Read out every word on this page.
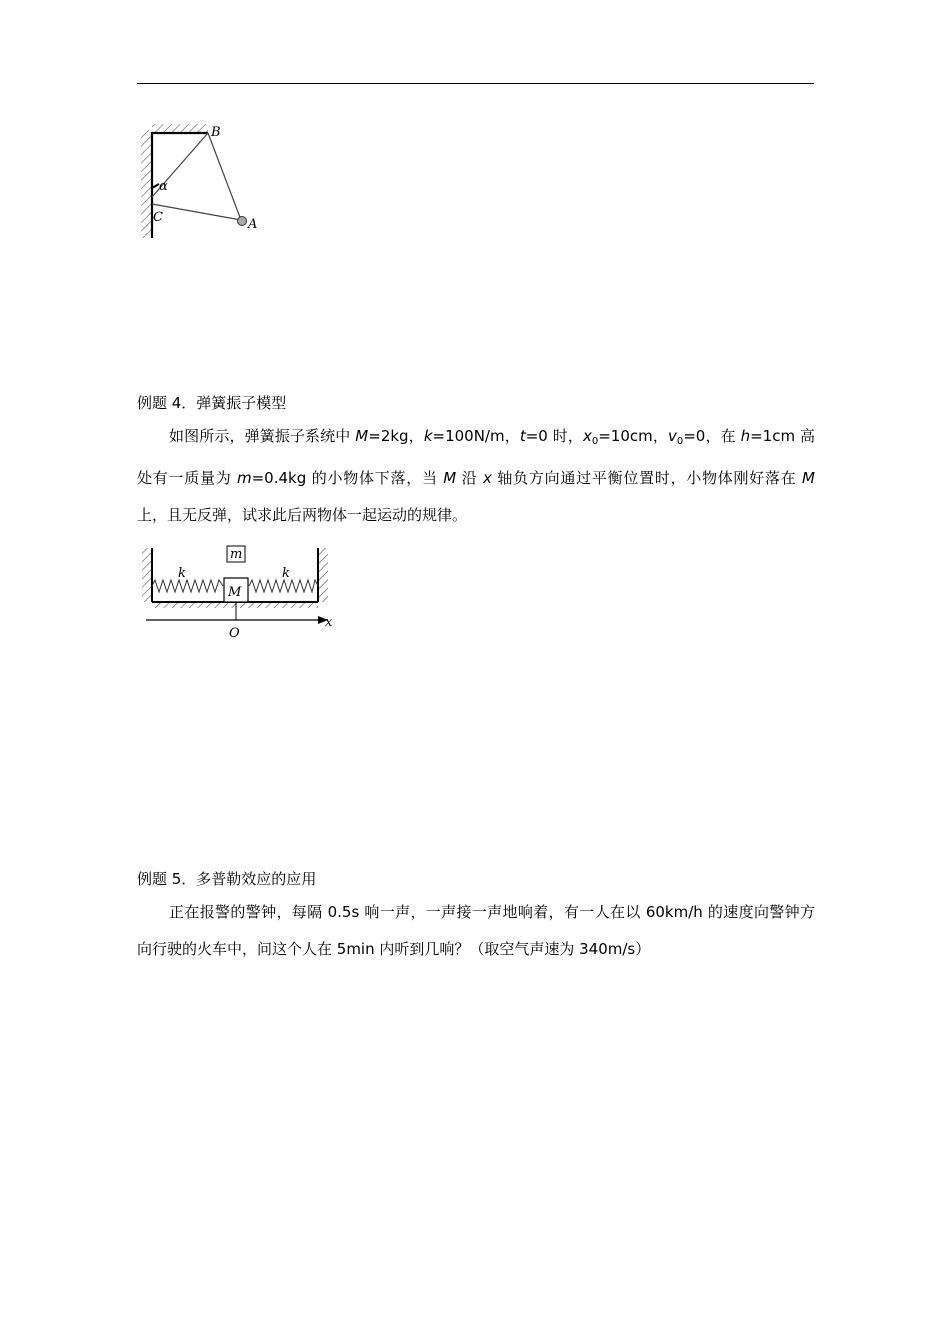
B
A
C
α
例题 4．弹簧振子模型

如图所示，弹簧振子系统中 M=2kg，k=100N/m，t=0 时，$x_0=10cm$，$v_0=0$，在 h=1cm 高处有一质量为 m=0.4kg 的小物体下落，当 M 沿 x 轴负方向通过平衡位置时，小物体刚好落在 M 上，且无反弹，试求此后两物体一起运动的规律。

M
m
k	k
O
x
例题 5．多普勒效应的应用

正在报警的警钟，每隔 0.5s 响一声，一声接一声地响着，有一人在以 60km/h 的速度向警钟方向行驶的火车中，问这个人在 5min 内听到几响？（取空气声速为 340m/s）
